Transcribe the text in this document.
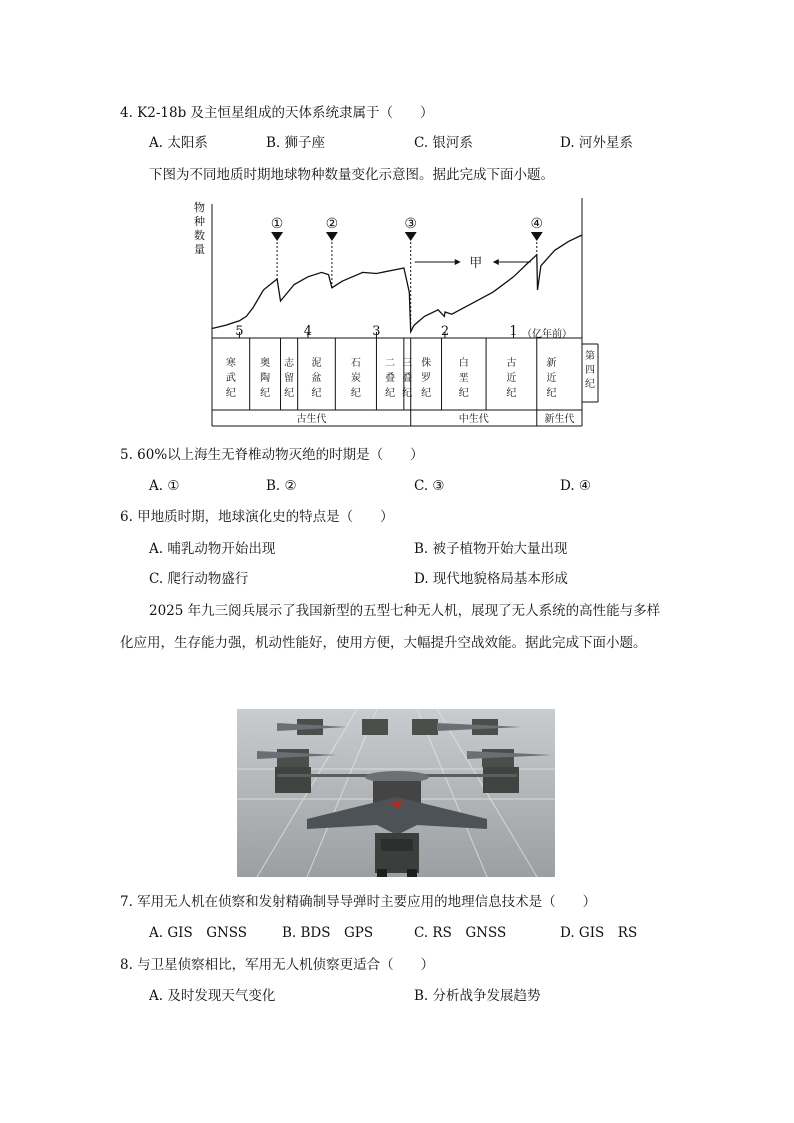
4. K2-18b 及主恒星组成的天体系统隶属于（　　）
A. 太阳系	B. 狮子座	C. 银河系	D. 河外星系
下图为不同地质时期地球物种数量变化示意图。据此完成下面小题。
物
种
数
量
①	②	③	④
5	4	3	2	1 （亿年前）
寒
武
纪
奥
陶
纪
志
留
纪
泥
盆
纪
石
炭
纪
二
叠
纪
三
叠
纪
侏
罗
纪
白
垩
纪
古
近
纪
新
近
纪
第
四
纪
古生代	中生代	新生代
甲
5. 60%以上海生无脊椎动物灭绝的时期是（　　）
A. ①	B. ②	C. ③	D. ④
6. 甲地质时期，地球演化史的特点是（　　）
A. 哺乳动物开始出现	B. 被子植物开始大量出现
C. 爬行动物盛行	D. 现代地貌格局基本形成
2025 年九三阅兵展示了我国新型的五型七种无人机，展现了无人系统的高性能与多样
化应用，生存能力强，机动性能好，使用方便，大幅提升空战效能。据此完成下面小题。
7. 军用无人机在侦察和发射精确制导导弹时主要应用的地理信息技术是（　　）
A. GIS　GNSS	B. BDS　GPS	C. RS　GNSS	D. GIS　RS
8. 与卫星侦察相比，军用无人机侦察更适合（　　）
A. 及时发现天气变化	B. 分析战争发展趋势
